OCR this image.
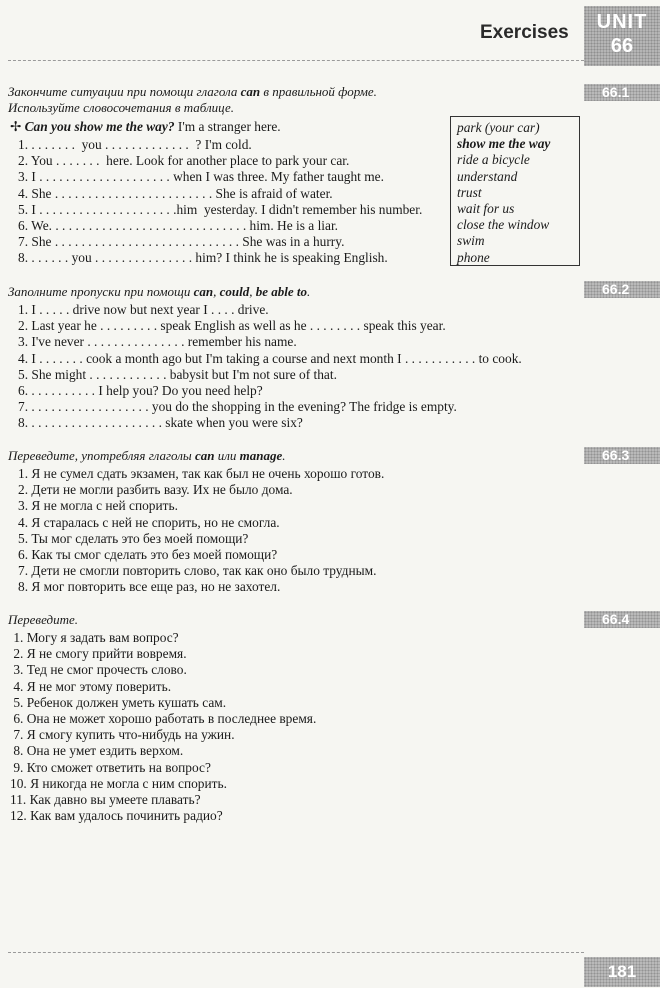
Exercises	UNIT
66
66.1
Закончите ситуации при помощи глагола can в правильной форме.
Используйте словосочетания в таблице.
✢ Can you show me the way? I'm a stranger here.
1. . . . . . . .  you . . . . . . . . . . . . .  ? I'm cold.
2. You . . . . . . .  here. Look for another place to park your car.
3. I . . . . . . . . . . . . . . . . . . . . when I was three. My father taught me.
4. She . . . . . . . . . . . . . . . . . . . . . . . . She is afraid of water.
5. I . . . . . . . . . . . . . . . . . . . . .him  yesterday. I didn't remember his number.
6. We. . . . . . . . . . . . . . . . . . . . . . . . . . . . . . him. He is a liar.
7. She . . . . . . . . . . . . . . . . . . . . . . . . . . . . She was in a hurry.
8. . . . . . . you . . . . . . . . . . . . . . . him? I think he is speaking English.
park (your car)
show me the way
ride a bicycle
understand
trust
wait for us
close the window
swim
phone
66.2
Заполните пропуски при помощи can, could, be able to.
1. I . . . . . drive now but next year I . . . . drive.
2. Last year he . . . . . . . . . speak English as well as he . . . . . . . . speak this year.
3. I've never . . . . . . . . . . . . . . . remember his name.
4. I . . . . . . . cook a month ago but I'm taking a course and next month I . . . . . . . . . . . to cook.
5. She might . . . . . . . . . . . . babysit but I'm not sure of that.
6. . . . . . . . . . . I help you? Do you need help?
7. . . . . . . . . . . . . . . . . . . you do the shopping in the evening? The fridge is empty.
8. . . . . . . . . . . . . . . . . . . . . skate when you were six?
66.3
Переведите, употребляя глаголы can или manage.
1. Я не сумел сдать экзамен, так как был не очень хорошо готов.
2. Дети не могли разбить вазу. Их не было дома.
3. Я не могла с ней спорить.
4. Я старалась с ней не спорить, но не смогла.
5. Ты мог сделать это без моей помощи?
6. Как ты смог сделать это без моей помощи?
7. Дети не смогли повторить слово, так как оно было трудным.
8. Я мог повторить все еще раз, но не захотел.
66.4
Переведите.
1. Могу я задать вам вопрос?
2. Я не смогу прийти вовремя.
3. Тед не смог прочесть слово.
4. Я не мог этому поверить.
5. Ребенок должен уметь кушать сам.
6. Она не может хорошо работать в последнее время.
7. Я смогу купить что-нибудь на ужин.
8. Она не умет ездить верхом.
9. Кто сможет ответить на вопрос?
10. Я никогда не могла с ним спорить.
11. Как давно вы умеете плавать?
12. Как вам удалось починить радио?
181
